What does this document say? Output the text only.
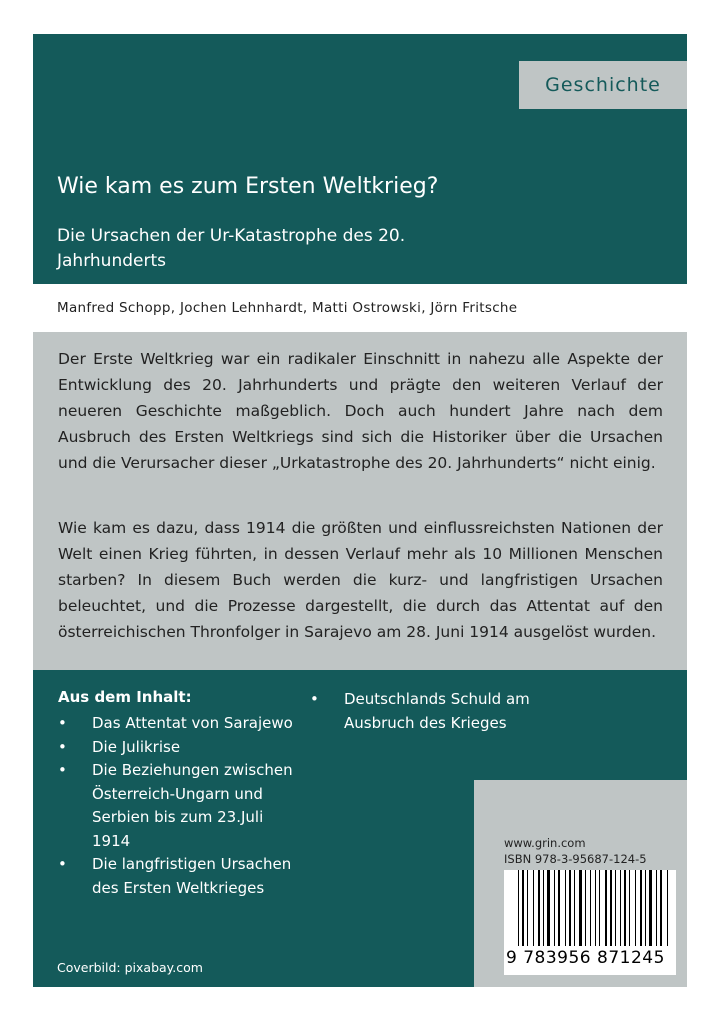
Geschichte
Wie kam es zum Ersten Weltkrieg?
Die Ursachen der Ur-Katastrophe des 20. Jahrhunderts
Manfred Schopp, Jochen Lehnhardt, Matti Ostrowski, Jörn Fritsche

Der Erste Weltkrieg war ein radikaler Einschnitt in nahezu alle Aspekte der Entwicklung des 20. Jahrhunderts und prägte den weiteren Verlauf der neueren Geschichte maßgeblich. Doch auch hundert Jahre nach dem Ausbruch des Ersten Weltkriegs sind sich die Historiker über die Ursachen und die Verursacher dieser „Urkatastrophe des 20. Jahrhunderts“ nicht einig.

Wie kam es dazu, dass 1914 die größten und einflussreichsten Nationen der Welt einen Krieg führten, in dessen Verlauf mehr als 10 Millionen Menschen starben? In diesem Buch werden die kurz- und langfristigen Ursachen beleuchtet, und die Prozesse dargestellt, die durch das Attentat auf den österreichischen Thronfolger in Sarajevo am 28. Juni 1914 ausgelöst wurden.

Aus dem Inhalt:
• Das Attentat von Sarajewo
• Die Julikrise
• Die Beziehungen zwischen Österreich-Ungarn und Serbien bis zum 23.Juli 1914
• Die langfristigen Ursachen des Ersten Weltkrieges
• Deutschlands Schuld am Ausbruch des Krieges
Coverbild: pixabay.com
www.grin.com
ISBN 978-3-95687-124-5
9 783956 871245
